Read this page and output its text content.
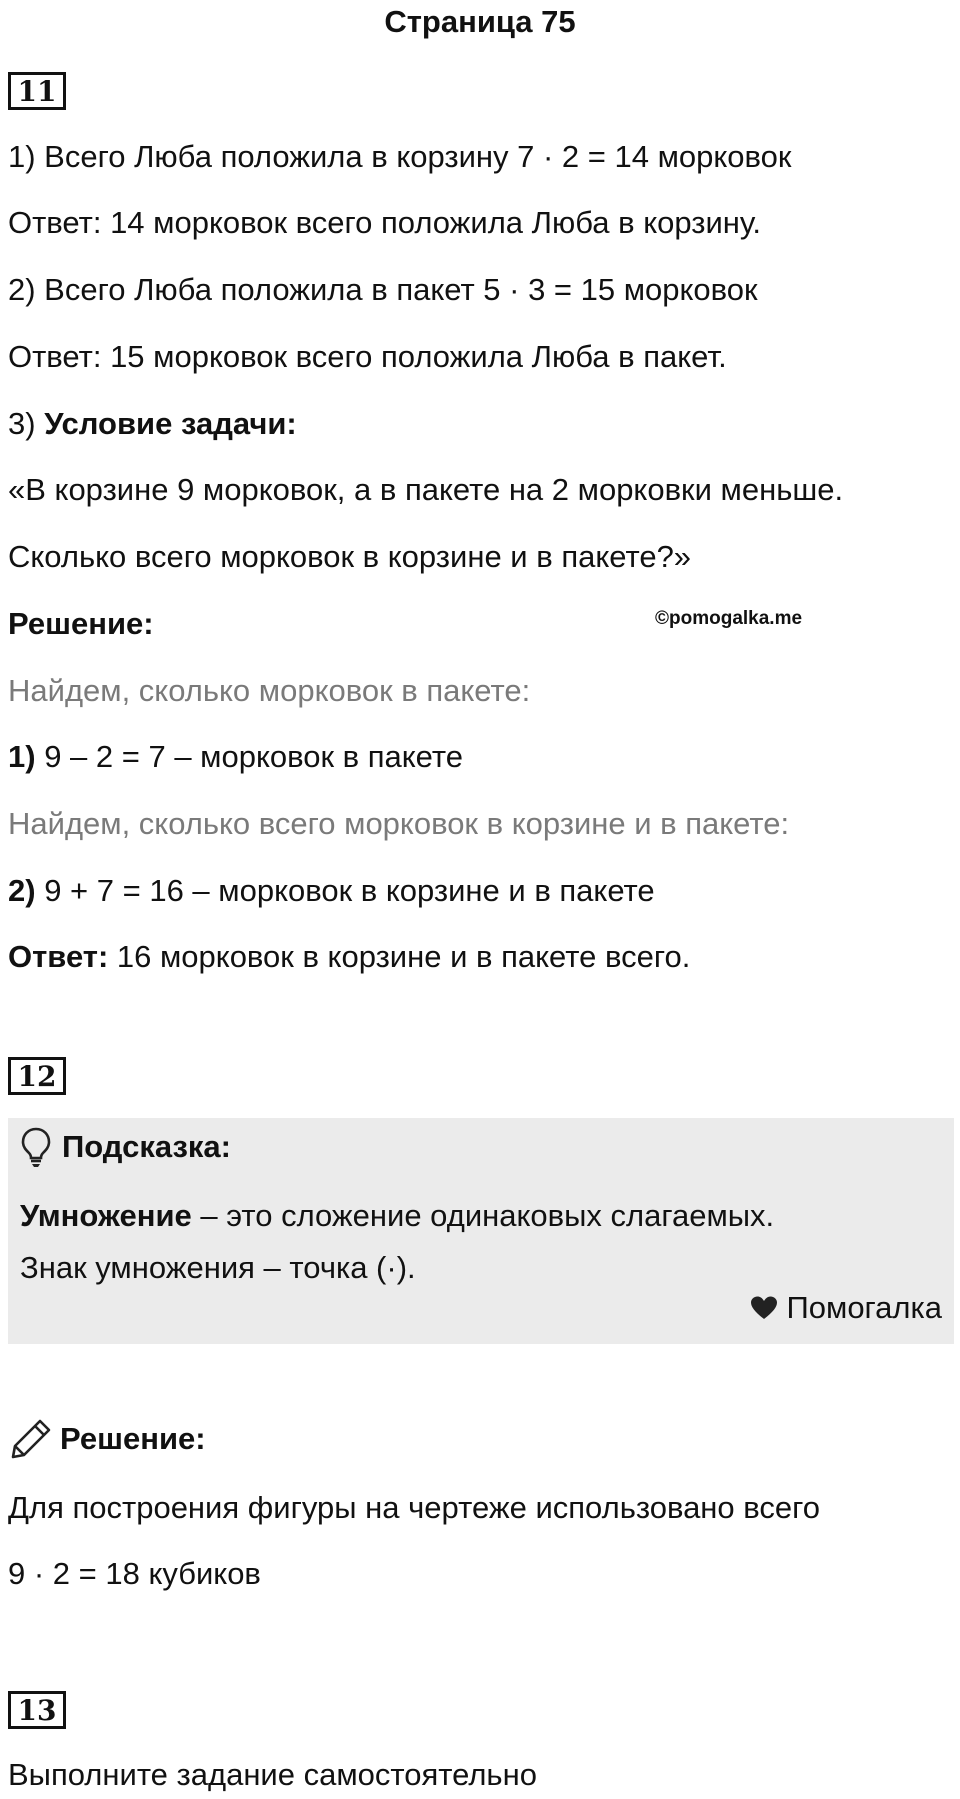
Страница 75
11
1) Всего Люба положила в корзину 7 · 2 = 14 морковок
Ответ: 14 морковок всего положила Люба в корзину.
2) Всего Люба положила в пакет 5 · 3 = 15 морковок
Ответ: 15 морковок всего положила Люба в пакет.
3) Условие задачи:
«В корзине 9 морковок, а в пакете на 2 морковки меньше.
Сколько всего морковок в корзине и в пакете?»
Решение:	©pomogalka.me
Найдем, сколько морковок в пакете:
1) 9 – 2 = 7 – морковок в пакете
Найдем, сколько всего морковок в корзине и в пакете:
2) 9 + 7 = 16 – морковок в корзине и в пакете
Ответ: 16 морковок в корзине и в пакете всего.
12
Подсказка:
Умножение – это сложение одинаковых слагаемых.
Знак умножения – точка (·).
Помогалка
Решение:
Для построения фигуры на чертеже использовано всего
9 · 2 = 18 кубиков
13
Выполните задание самостоятельно
